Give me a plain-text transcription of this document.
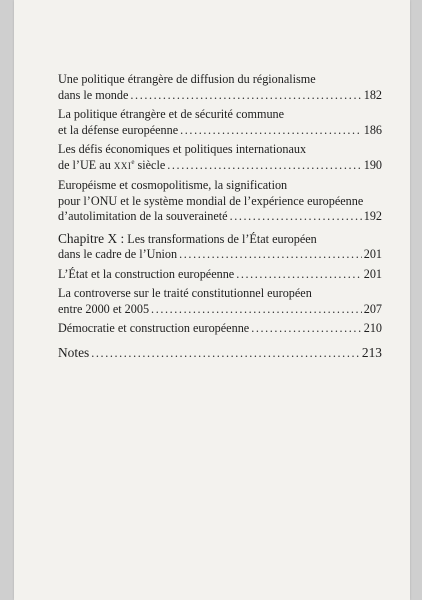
Une politique étrangère de diffusion du régionalisme
dans le monde .....	182
La politique étrangère et de sécurité commune
et la défense européenne .....	186
Les défis économiques et politiques internationaux
de l’UE au XXIe siècle .....	190
Européisme et cosmopolitisme, la signification
pour l’ONU et le système mondial de l’expérience européenne
d’autolimitation de la souveraineté .....	192
Chapitre X : Les transformations de l’État européen
dans le cadre de l’Union .....	201
L’État et la construction européenne .....	201
La controverse sur le traité constitutionnel européen
entre 2000 et 2005 .....	207
Démocratie et construction européenne .....	210
Notes .....	213
